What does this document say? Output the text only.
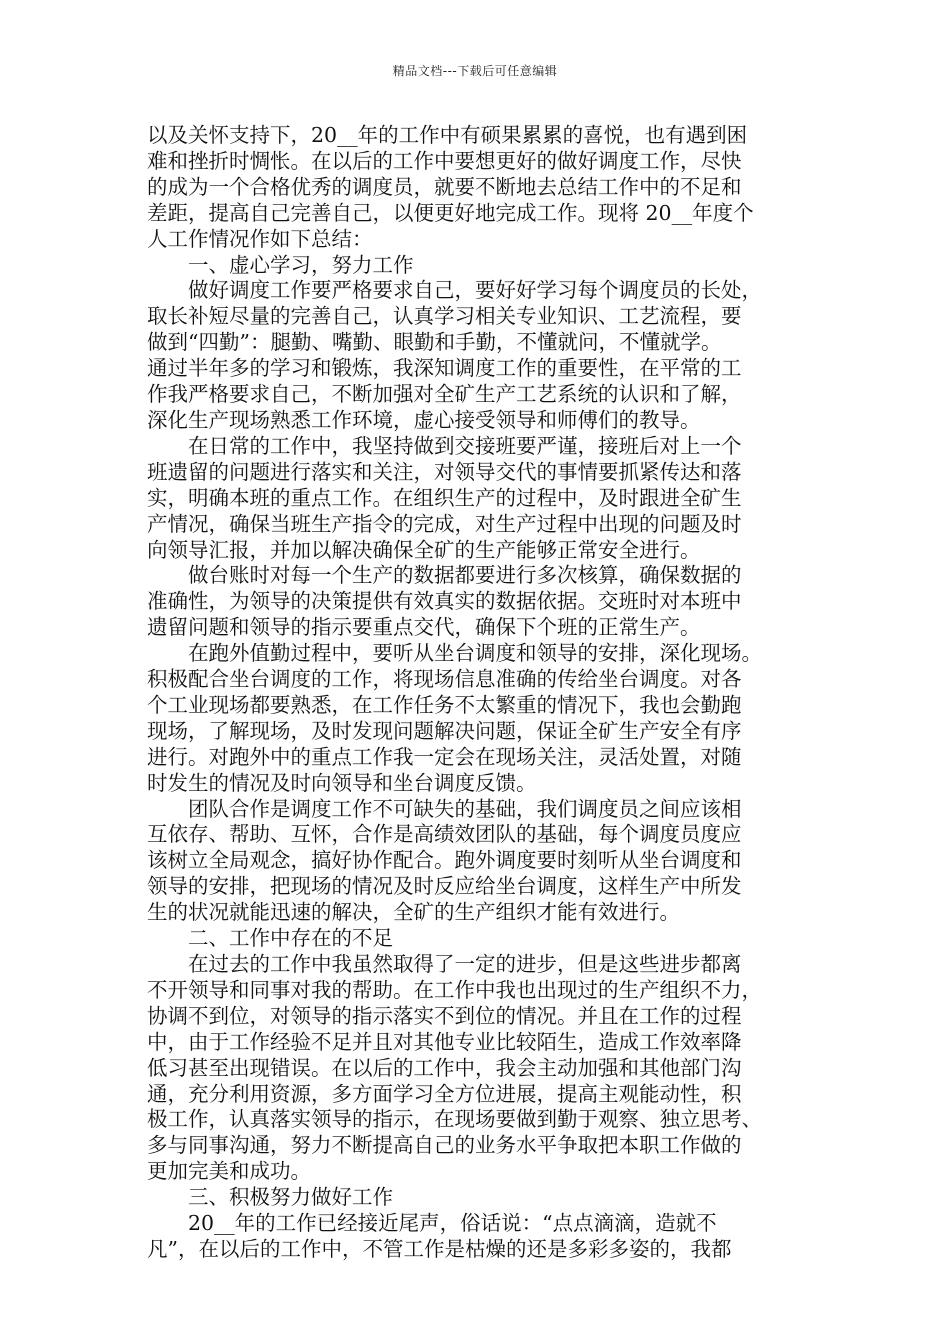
精品文档---下载后可任意编辑

以及关怀支持下，20__年的工作中有硕果累累的喜悦，也有遇到困

难和挫折时惆怅。在以后的工作中要想更好的做好调度工作，尽快

的成为一个合格优秀的调度员，就要不断地去总结工作中的不足和

差距，提高自己完善自己，以便更好地完成工作。现将 20__年度个

人工作情况作如下总结：

一、虚心学习，努力工作

做好调度工作要严格要求自己，要好好学习每个调度员的长处，

取长补短尽量的完善自己，认真学习相关专业知识、工艺流程，要

做到“四勤”：腿勤、嘴勤、眼勤和手勤，不懂就问，不懂就学。

通过半年多的学习和锻炼，我深知调度工作的重要性，在平常的工

作我严格要求自己，不断加强对全矿生产工艺系统的认识和了解，

深化生产现场熟悉工作环境，虚心接受领导和师傅们的教导。

在日常的工作中，我坚持做到交接班要严谨，接班后对上一个

班遗留的问题进行落实和关注，对领导交代的事情要抓紧传达和落

实，明确本班的重点工作。在组织生产的过程中，及时跟进全矿生

产情况，确保当班生产指令的完成，对生产过程中出现的问题及时

向领导汇报，并加以解决确保全矿的生产能够正常安全进行。

做台账时对每一个生产的数据都要进行多次核算，确保数据的

准确性，为领导的决策提供有效真实的数据依据。交班时对本班中

遗留问题和领导的指示要重点交代，确保下个班的正常生产。

在跑外值勤过程中，要听从坐台调度和领导的安排，深化现场。

积极配合坐台调度的工作，将现场信息准确的传给坐台调度。对各

个工业现场都要熟悉，在工作任务不太繁重的情况下，我也会勤跑

现场，了解现场，及时发现问题解决问题，保证全矿生产安全有序

进行。对跑外中的重点工作我一定会在现场关注，灵活处置，对随

时发生的情况及时向领导和坐台调度反馈。

团队合作是调度工作不可缺失的基础，我们调度员之间应该相

互依存、帮助、互怀，合作是高绩效团队的基础，每个调度员度应

该树立全局观念，搞好协作配合。跑外调度要时刻听从坐台调度和

领导的安排，把现场的情况及时反应给坐台调度，这样生产中所发

生的状况就能迅速的解决，全矿的生产组织才能有效进行。

二、工作中存在的不足

在过去的工作中我虽然取得了一定的进步，但是这些进步都离

不开领导和同事对我的帮助。在工作中我也出现过的生产组织不力，

协调不到位，对领导的指示落实不到位的情况。并且在工作的过程

中，由于工作经验不足并且对其他专业比较陌生，造成工作效率降

低习甚至出现错误。在以后的工作中，我会主动加强和其他部门沟

通，充分利用资源，多方面学习全方位进展，提高主观能动性，积

极工作，认真落实领导的指示，在现场要做到勤于观察、独立思考、

多与同事沟通，努力不断提高自己的业务水平争取把本职工作做的

更加完美和成功。

三、积极努力做好工作

20__年的工作已经接近尾声，俗话说：“点点滴滴，造就不

凡”，在以后的工作中，不管工作是枯燥的还是多彩多姿的，我都
